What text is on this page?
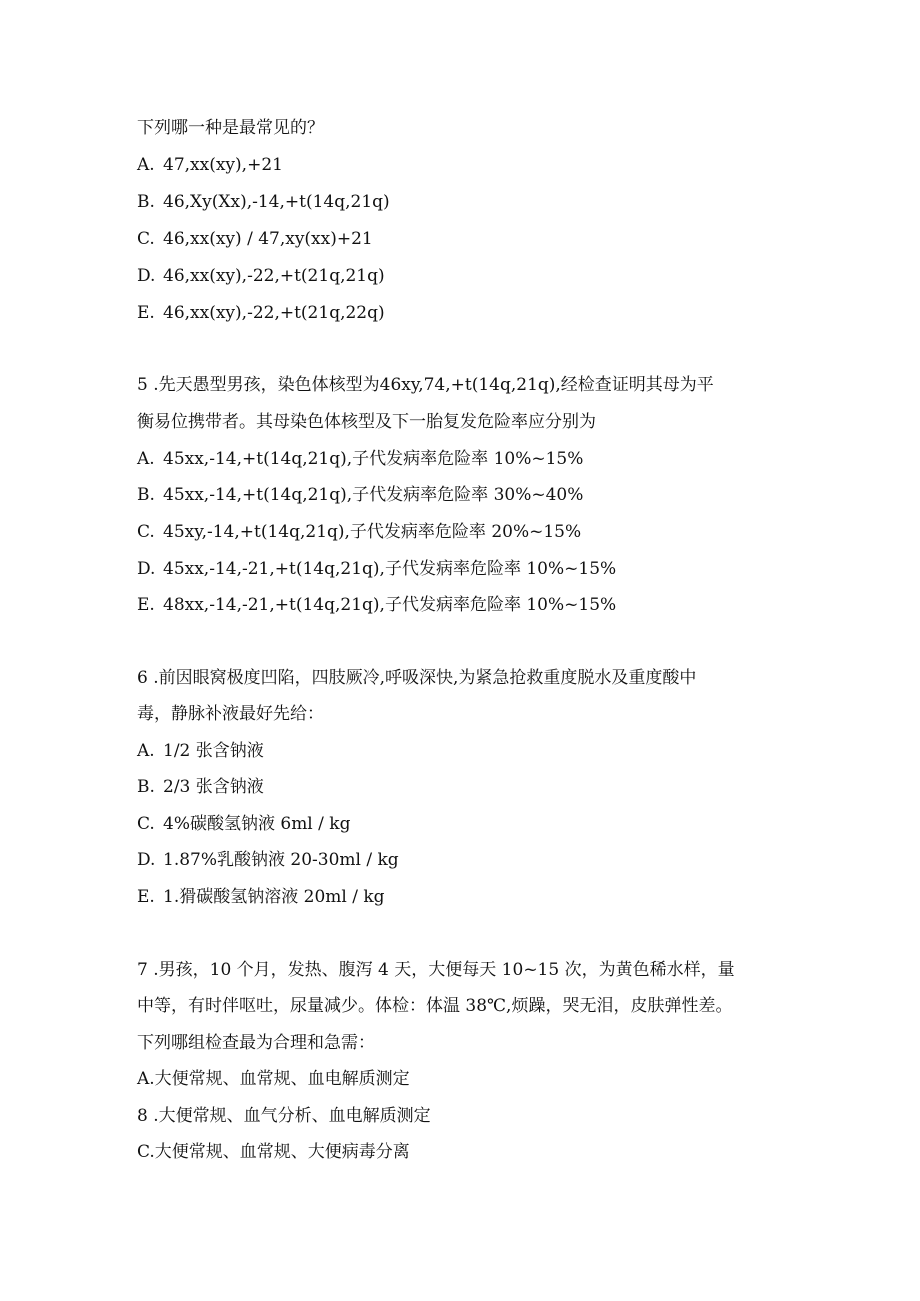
下列哪一种是最常见的？
A. 47,xx(xy),+21
B. 46,Xy(Xx),-14,+t(14q,21q)
C. 46,xx(xy) / 47,xy(xx)+21
D. 46,xx(xy),-22,+t(21q,21q)
E. 46,xx(xy),-22,+t(21q,22q)
5 .先天愚型男孩，染色体核型为46xy,74,+t(14q,21q),经检查证明其母为平
衡易位携带者。其母染色体核型及下一胎复发危险率应分别为
A. 45xx,-14,+t(14q,21q),子代发病率危险率 10%~15%
B. 45xx,-14,+t(14q,21q),子代发病率危险率 30%~40%
C. 45xy,-14,+t(14q,21q),子代发病率危险率 20%~15%
D. 45xx,-14,-21,+t(14q,21q),子代发病率危险率 10%~15%
E. 48xx,-14,-21,+t(14q,21q),子代发病率危险率 10%~15%
6 .前因眼窝极度凹陷，四肢厥冷,呼吸深快,为紧急抢救重度脱水及重度酸中
毒，静脉补液最好先给：
A. 1/2 张含钠液
B. 2/3 张含钠液
C. 4%碳酸氢钠液 6ml / kg
D. 1.87%乳酸钠液 20-30ml / kg
E. 1.猾碳酸氢钠溶液 20ml / kg
7 .男孩，10 个月，发热、腹泻 4 天，大便每天 10~15 次，为黄色稀水样，量
中等，有时伴呕吐，尿量减少。体检：体温 38℃,烦躁，哭无泪，皮肤弹性差。
下列哪组检查最为合理和急需：
A.大便常规、血常规、血电解质测定
8 .大便常规、血气分析、血电解质测定
C.大便常规、血常规、大便病毒分离
